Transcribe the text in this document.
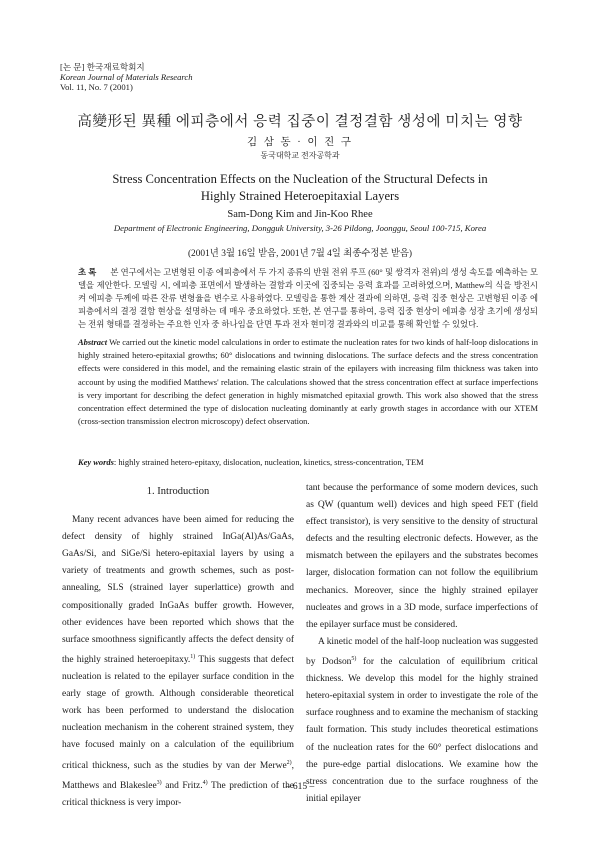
[논 문] 한국재료학회지
Korean Journal of Materials Research
Vol. 11, No. 7 (2001)
高變形된 異種 에피층에서 응력 집중이 결정결함 생성에 미치는 영향
김 삼 동 · 이 진 구
동국대학교 전자공학과
Stress Concentration Effects on the Nucleation of the Structural Defects in
Highly Strained Heteroepitaxial Layers
Sam-Dong Kim and Jin-Koo Rhee
Department of Electronic Engineering, Dongguk University, 3-26 Pildong, Joonggu, Seoul 100-715, Korea
(2001년 3월 16일 받음, 2001년 7월 4일 최종수정본 받음)
초 록 본 연구에서는 고변형된 이종 에피층에서 두 가지 종류의 반원 전위 루프 (60° 및 쌍격자 전위)의 생성 속도를 예측하는 모델을 제안한다. 모델링 시, 에피층 표면에서 발생하는 결함과 이곳에 집중되는 응력 효과를 고려하였으며, Matthew의 식을 방전시켜 에피층 두께에 따른 잔류 변형율을 변수로 사용하였다. 모델링을 통한 계산 결과에 의하면, 응력 집중 현상은 고변형된 이종 에피층에서의 결정 결함 현상을 설명하는 데 매우 중요하였다. 또한, 본 연구를 통하여, 응력 집중 현상이 에피층 성장 초기에 생성되는 전위 형태를 결정하는 주요한 인자 중 하나임을 단면 투과 전자 현미경 결과와의 비교를 통해 확인할 수 있었다.
Abstract We carried out the kinetic model calculations in order to estimate the nucleation rates for two kinds of half-loop dislocations in highly strained hetero-epitaxial growths; 60° dislocations and twinning dislocations. The surface defects and the stress concentration effects were considered in this model, and the remaining elastic strain of the epilayers with increasing film thickness was taken into account by using the modified Matthews' relation. The calculations showed that the stress concentration effect at surface imperfections is very important for describing the defect generation in highly mismatched epitaxial growth. This work also showed that the stress concentration effect determined the type of dislocation nucleating dominantly at early growth stages in accordance with our XTEM (cross-section transmission electron microscopy) defect observation.
Key words: highly strained hetero-epitaxy, dislocation, nucleation, kinetics, stress-concentration, TEM
1. Introduction

Many recent advances have been aimed for reducing the defect density of highly strained InGa(Al)As/GaAs, GaAs/Si, and SiGe/Si hetero-epitaxial layers by using a variety of treatments and growth schemes, such as post-annealing, SLS (strained layer superlattice) growth and compositionally graded InGaAs buffer growth. However, other evidences have been reported which shows that the surface smoothness significantly affects the defect density of the highly strained heteroepitaxy.$^{1)}$ This suggests that defect nucleation is related to the epilayer surface condition in the early stage of growth. Although considerable theoretical work has been performed to understand the dislocation nucleation mechanism in the coherent strained system, they have focused mainly on a calculation of the equilibrium critical thickness, such as the studies by van der Merwe$^{2)}$, Matthews and Blakeslee$^{3)}$ and Fritz.$^{4)}$ The prediction of the critical thickness is very impor-

tant because the performance of some modern devices, such as QW (quantum well) devices and high speed FET (field effect transistor), is very sensitive to the density of structural defects and the resulting electronic defects. However, as the mismatch between the epilayers and the substrates becomes larger, dislocation formation can not follow the equilibrium mechanics. Moreover, since the highly strained epilayer nucleates and grows in a 3D mode, surface imperfections of the epilayer surface must be considered.

A kinetic model of the half-loop nucleation was suggested by Dodson$^{5)}$ for the calculation of equilibrium critical thickness. We develop this model for the highly strained hetero-epitaxial system in order to investigate the role of the surface roughness and to examine the mechanism of stacking fault formation. This study includes theoretical estimations of the nucleation rates for the 60° perfect dislocations and the pure-edge partial dislocations. We examine how the stress concentration due to the surface roughness of the initial epilayer

– 615 –
